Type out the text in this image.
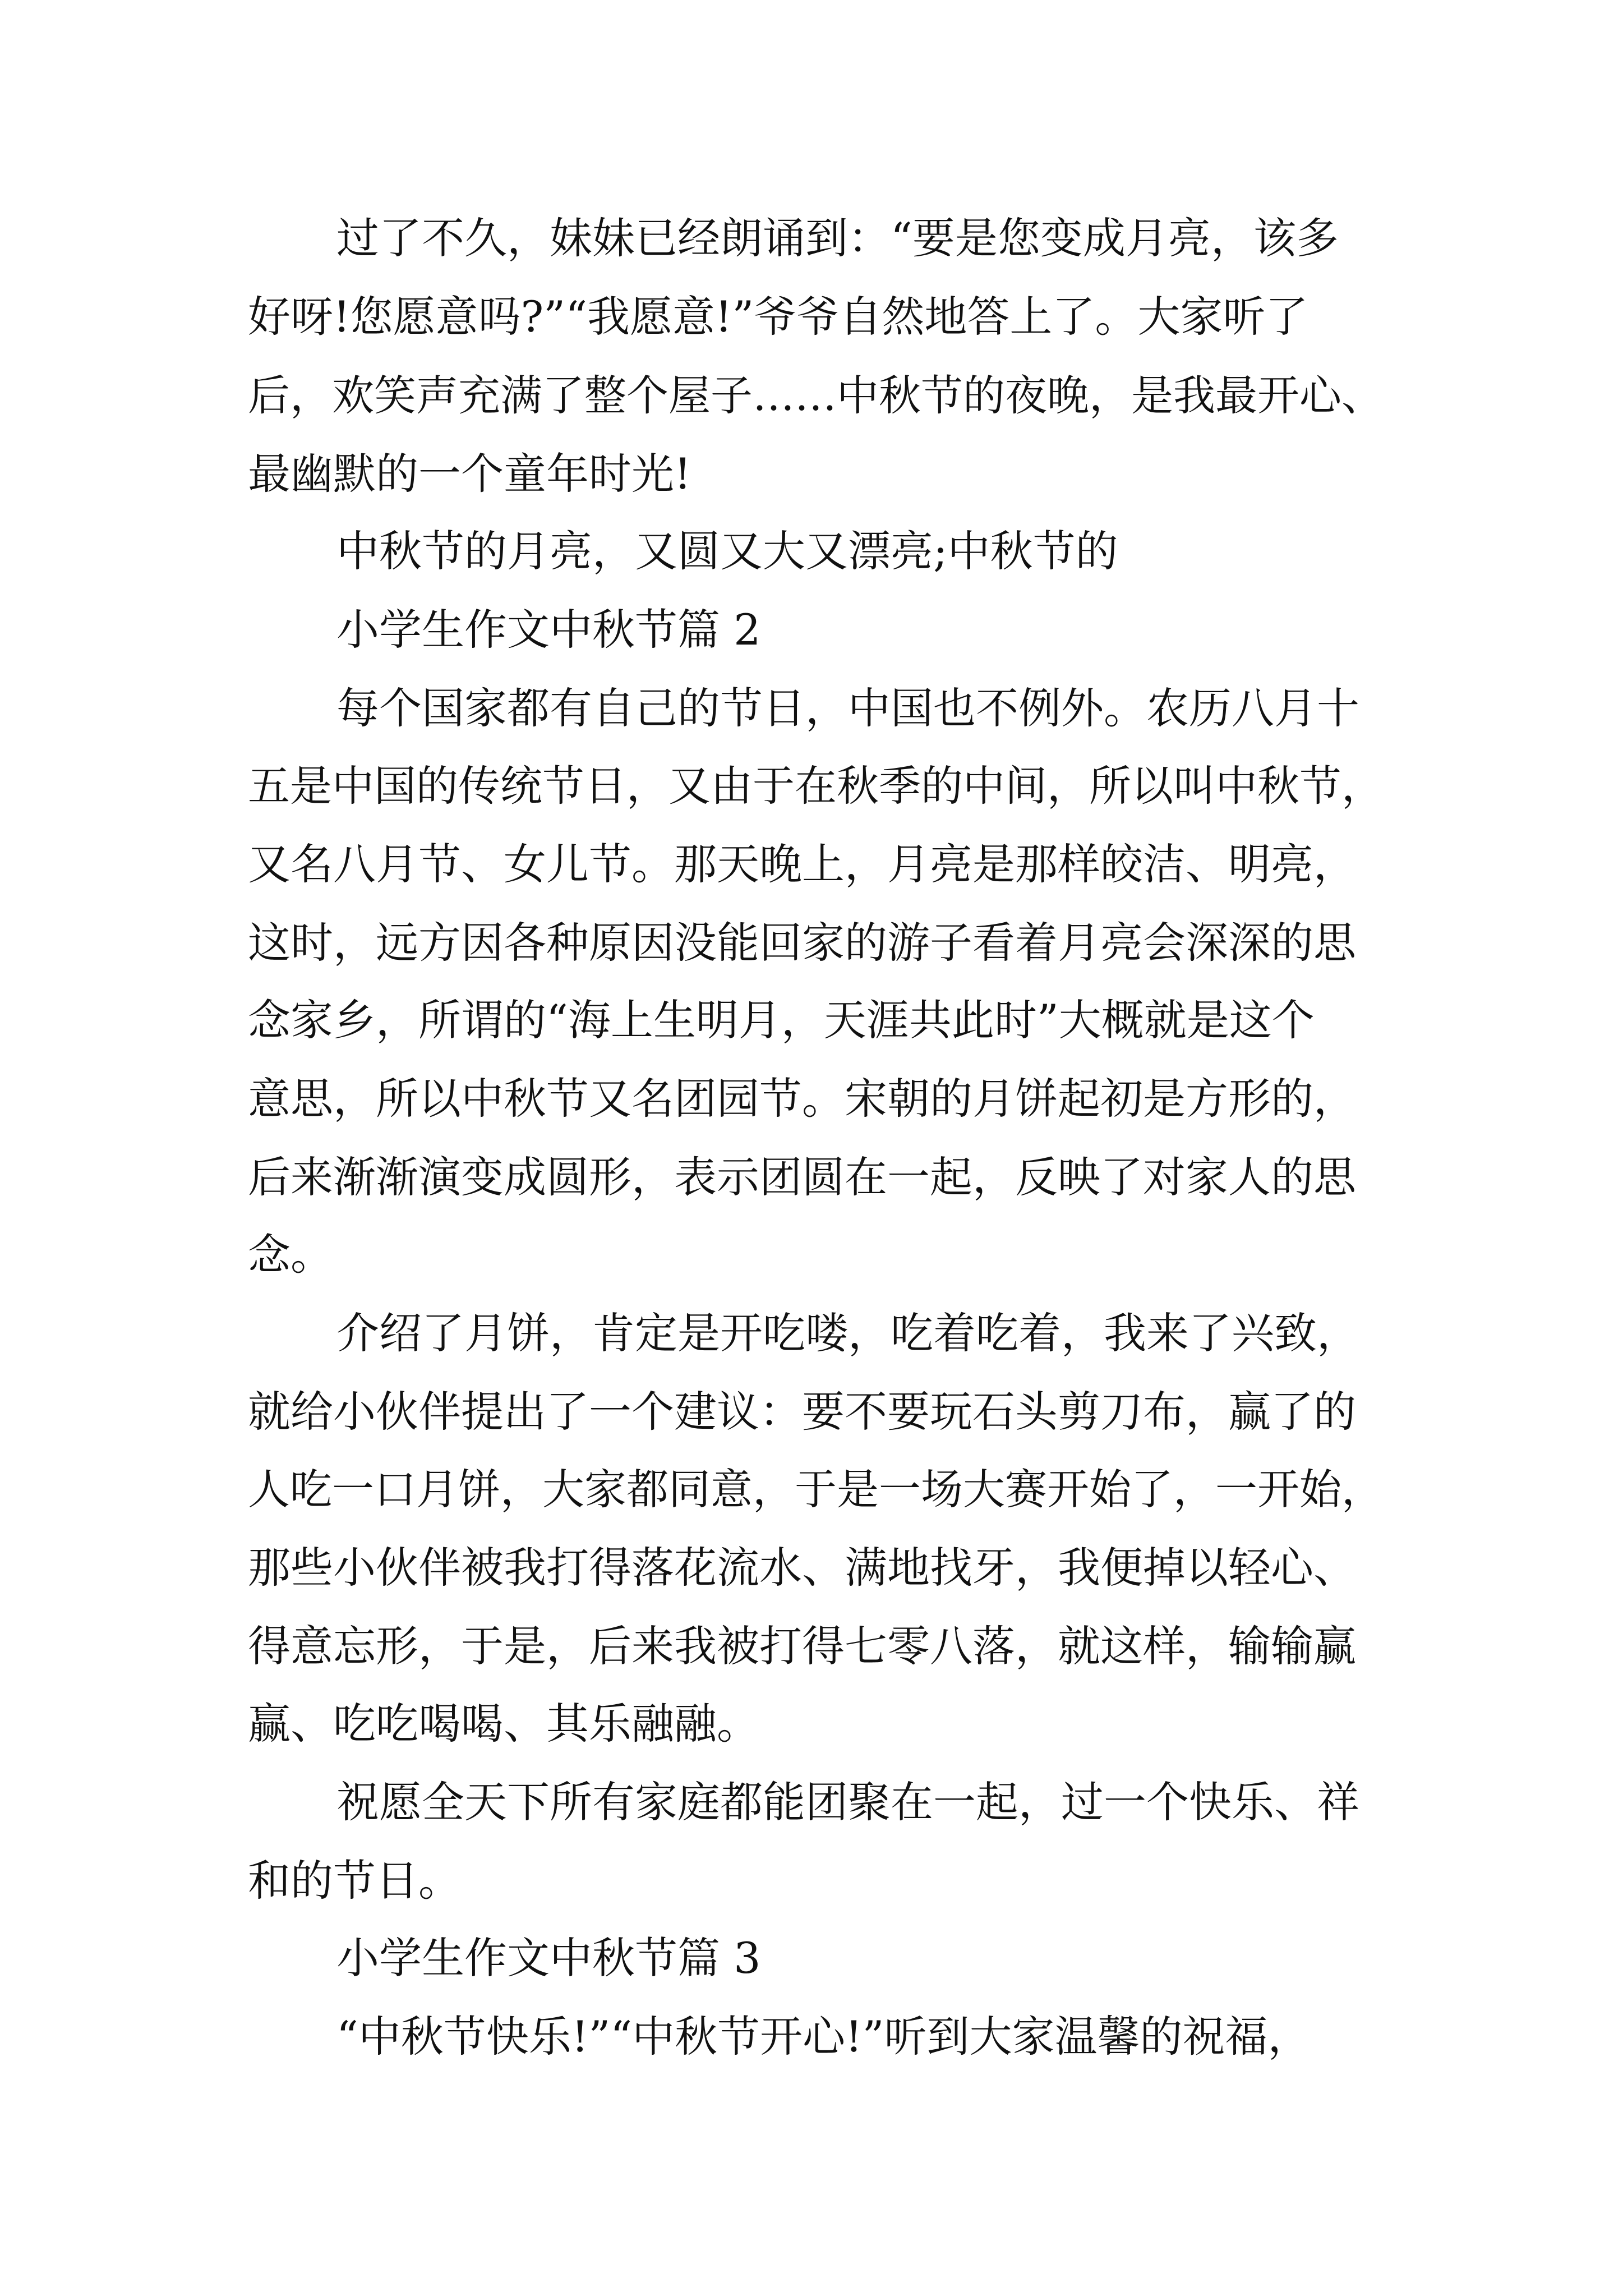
过了不久，妹妹已经朗诵到：“要是您变成月亮，该多
好呀!您愿意吗?”“我愿意!”爷爷自然地答上了。大家听了
后，欢笑声充满了整个屋子……中秋节的夜晚，是我最开心、
最幽默的一个童年时光!
中秋节的月亮，又圆又大又漂亮;中秋节的
小学生作文中秋节篇 2
每个国家都有自己的节日，中国也不例外。农历八月十
五是中国的传统节日，又由于在秋季的中间，所以叫中秋节，
又名八月节、女儿节。那天晚上，月亮是那样皎洁、明亮，
这时，远方因各种原因没能回家的游子看着月亮会深深的思
念家乡，所谓的“海上生明月，天涯共此时”大概就是这个
意思，所以中秋节又名团园节。宋朝的月饼起初是方形的，
后来渐渐演变成圆形，表示团圆在一起，反映了对家人的思
念。
介绍了月饼，肯定是开吃喽，吃着吃着，我来了兴致，
就给小伙伴提出了一个建议：要不要玩石头剪刀布，赢了的
人吃一口月饼，大家都同意，于是一场大赛开始了，一开始，
那些小伙伴被我打得落花流水、满地找牙，我便掉以轻心、
得意忘形，于是，后来我被打得七零八落，就这样，输输赢
赢、吃吃喝喝、其乐融融。
祝愿全天下所有家庭都能团聚在一起，过一个快乐、祥
和的节日。
小学生作文中秋节篇 3
“中秋节快乐!”“中秋节开心!”听到大家温馨的祝福，
